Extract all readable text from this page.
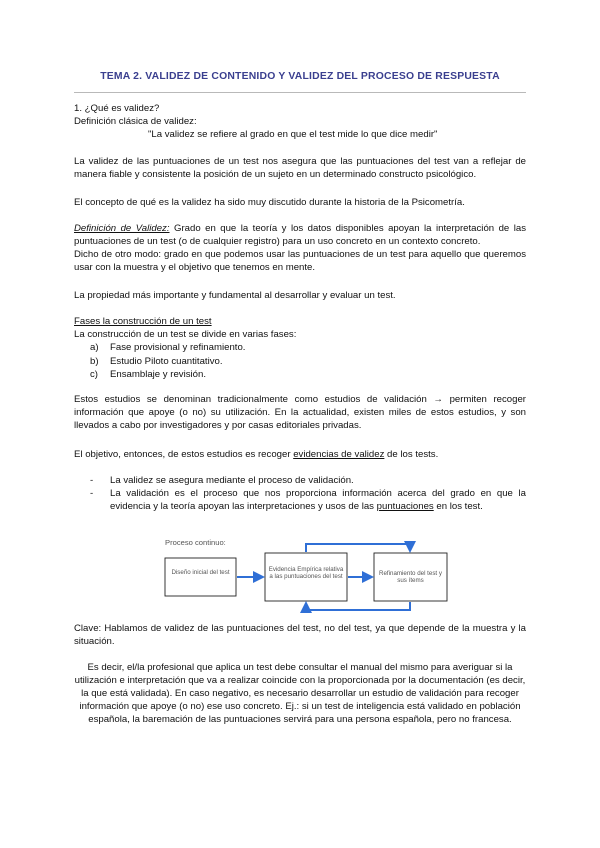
TEMA 2. VALIDEZ DE CONTENIDO Y VALIDEZ DEL PROCESO DE RESPUESTA
1. ¿Qué es validez?
Definición clásica de validez:
"La validez se refiere al grado en que el test mide lo que dice medir"
La validez de las puntuaciones de un test nos asegura que las puntuaciones del test van a reflejar de manera fiable y consistente la posición de un sujeto en un determinado constructo psicológico.
El concepto de qué es la validez ha sido muy discutido durante la historia de la Psicometría.
Definición de Validez: Grado en que la teoría y los datos disponibles apoyan la interpretación de las puntuaciones de un test (o de cualquier registro) para un uso concreto en un contexto concreto.
Dicho de otro modo: grado en que podemos usar las puntuaciones de un test para aquello que queremos usar con la muestra y el objetivo que tenemos en mente.
La propiedad más importante y fundamental al desarrollar y evaluar un test.
Fases la construcción de un test
La construcción de un test se divide en varias fases:
a) Fase provisional y refinamiento.
b) Estudio Piloto cuantitativo.
c) Ensamblaje y revisión.
Estos estudios se denominan tradicionalmente como estudios de validación → permiten recoger información que apoye (o no) su utilización. En la actualidad, existen miles de estos estudios, y son llevados a cabo por investigadores y por casas editoriales privadas.
El objetivo, entonces, de estos estudios es recoger evidencias de validez de los tests.
- La validez se asegura mediante el proceso de validación.
- La validación es el proceso que nos proporciona información acerca del grado en que la evidencia y la teoría apoyan las interpretaciones y usos de las puntuaciones en los test.
Proceso continuo:
Diseño inicial del test	Evidencia Empírica relativa a las puntuaciones del test	Refinamiento del test y sus ítems
Clave: Hablamos de validez de las puntuaciones del test, no del test, ya que depende de la muestra y la situación.
Es decir, el/la profesional que aplica un test debe consultar el manual del mismo para averiguar si la utilización e interpretación que va a realizar coincide con la proporcionada por la documentación (es decir, la que está validada). En caso negativo, es necesario desarrollar un estudio de validación para recoger información que apoye (o no) ese uso concreto. Ej.: si un test de inteligencia está validado en población española, la baremación de las puntuaciones servirá para una persona española, pero no francesa.
